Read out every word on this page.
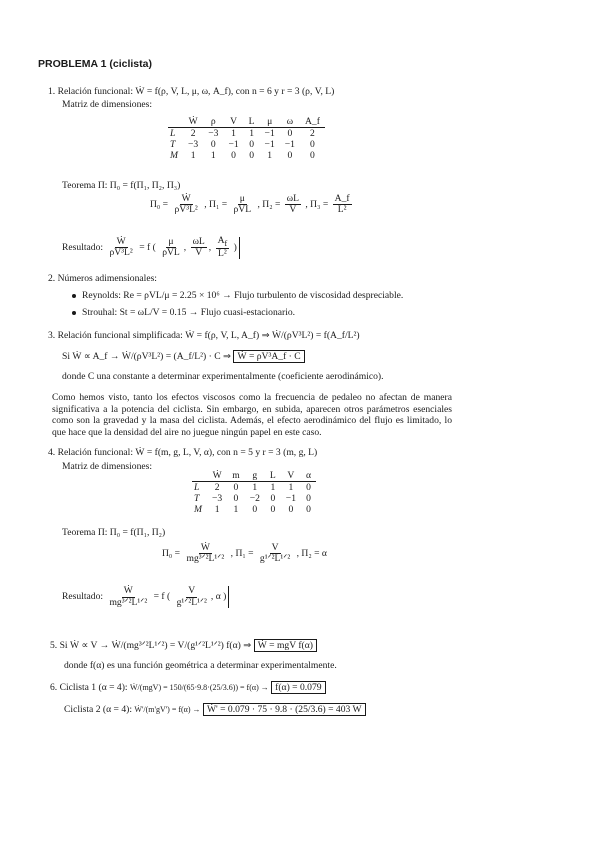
PROBLEMA 1 (ciclista)
1. Relación funcional: Ẇ = f(ρ, V, L, μ, ω, A_f), con n = 6 y r = 3 (ρ, V, L)
Matriz de dimensiones:
	Ẇ	ρ	V	L	μ	ω	A_f
L	2	−3	1	1	−1	0	2
T	−3	0	−1	0	−1	−1	0
M	1	1	0	0	1	0	0
Teorema Π: Π₀ = f(Π₁, Π₂, Π₃)
$\Pi_0 = \frac{\text{Ẇ}}{\text{ρV³L²}}$ , $\Pi_1 = \frac{\mu}{\text{ρVL}}$ , $\Pi_2 = \frac{\omega L}{V}$ , $\Pi_3 = \frac{A\_f}{\text{L²}}$
Resultado: $\frac{\text{Ẇ}}{\text{ρV³L²}} = f$ ( $\frac{\mu}{\text{ρVL}}$ , $\frac{\omega L}{V}$ , $\frac{A_f}{\text{L²}}$ )
2. Números adimensionales:
Reynolds: Re = ρVL/μ = 2.25 × 10⁶ → Flujo turbulento de viscosidad despreciable.
Strouhal: St = ωL/V = 0.15 → Flujo cuasi-estacionario.
3. Relación funcional simplificada: Ẇ = f(ρ, V, L, A_f) ⇒ Ẇ/(ρV³L²) = f(A_f/L²)
Si Ẇ ∝ A_f → Ẇ/(ρV³L²) = (A_f/L²) · C ⇒ Ẇ = ρV³A_f · C
donde C una constante a determinar experimentalmente (coeficiente aerodinámico).
Como hemos visto, tanto los efectos viscosos como la frecuencia de pedaleo no afectan de manera significativa a la potencia del ciclista. Sin embargo, en subida, aparecen otros parámetros esenciales como son la gravedad y la masa del ciclista. Además, el efecto aerodinámico del flujo es limitado, lo que hace que la densidad del aire no juegue ningún papel en este caso.
4. Relación funcional: Ẇ = f(m, g, L, V, α), con n = 5 y r = 3 (m, g, L)
Matriz de dimensiones:
	Ẇ	m	g	L	V	α
L	2	0	1	1	1	0
T	−3	0	−2	0	−1	0
M	1	1	0	0	0	0
Teorema Π: Π₀ = f(Π₁, Π₂)
$\Pi_0 = \frac{\text{Ẇ}}{\text{mg³ᐟ²L¹ᐟ²}}$ , $\Pi_1 = \frac{V}{\text{g¹ᐟ²L¹ᐟ²}}$ , Π₂ = α
Resultado: $\frac{\text{Ẇ}}{\text{mg³ᐟ²L¹ᐟ²}} = f$ ( $\frac{V}{\text{g¹ᐟ²L¹ᐟ²}}$ , α )
5. Si Ẇ ∝ V → Ẇ/(mg³ᐟ²L¹ᐟ²) = V/(g¹ᐟ²L¹ᐟ²) f(α) ⇒ Ẇ = mgV f(α)
donde f(α) es una función geométrica a determinar experimentalmente.
6. Ciclista 1 (α = 4): Ẇ/(mgV) = 150/(65·9.8·(25/3.6)) = f(α) → f(α) = 0.079
Ciclista 2 (α = 4): Ẇ'/(m'gV') = f(α) → Ẇ' = 0.079 · 75 · 9.8 · (25/3.6) = 403 W
